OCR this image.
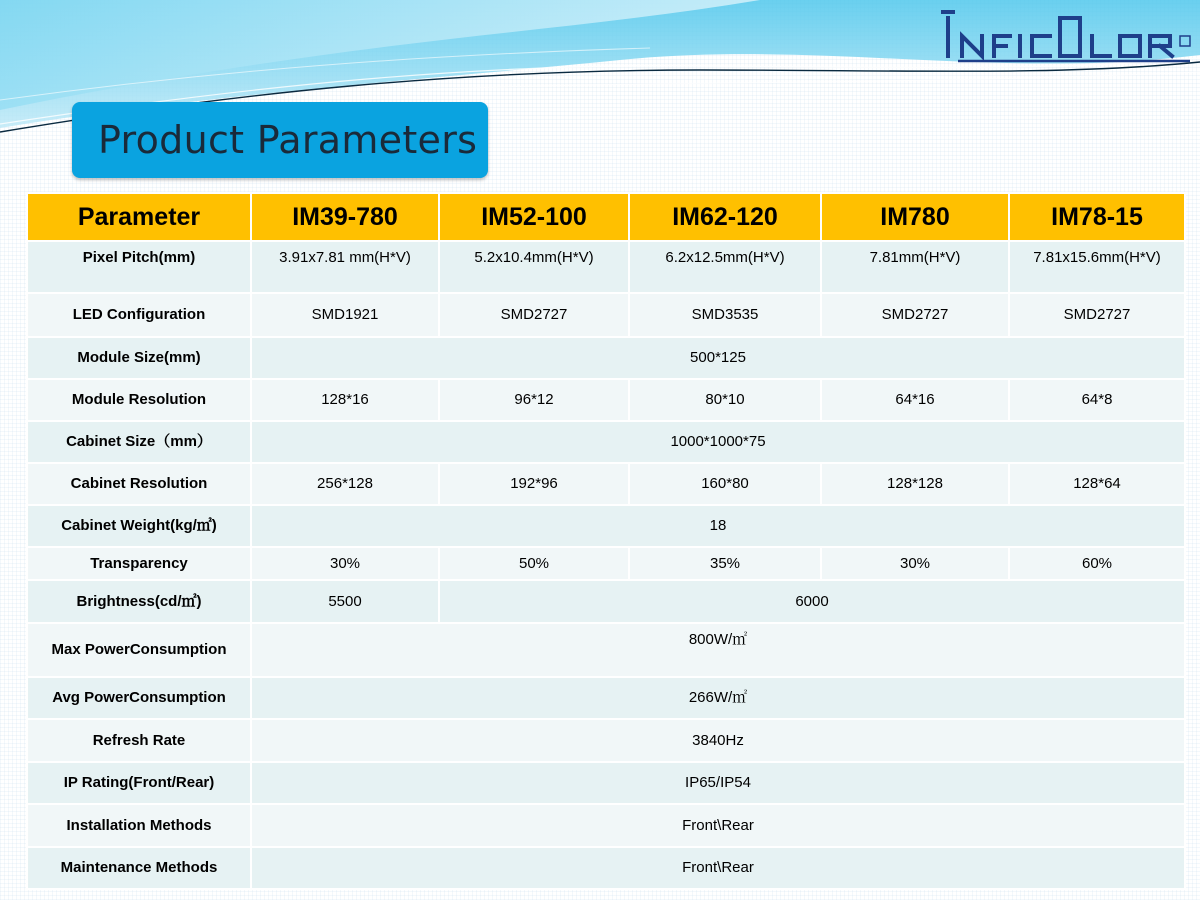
Product Parameters
Parameter	IM39-780	IM52-100	IM62-120	IM780	IM78-15
Pixel Pitch(mm)	3.91x7.81 mm(H*V)	5.2x10.4mm(H*V)	6.2x12.5mm(H*V)	7.81mm(H*V)	7.81x15.6mm(H*V)
LED Configuration	SMD1921	SMD2727	SMD3535	SMD2727	SMD2727
Module Size(mm)	500*125				
Module Resolution	128*16	96*12	80*10	64*16	64*8
Cabinet Size（mm）	1000*1000*75				
Cabinet Resolution	256*128	192*96	160*80	128*128	128*64
Cabinet Weight(kg/㎡)	18				
Transparency	30%	50%	35%	30%	60%
Brightness(cd/㎡)	5500	6000			
Max PowerConsumption	800W/㎡				
Avg PowerConsumption	266W/㎡				
Refresh Rate	3840Hz				
IP Rating(Front/Rear)	IP65/IP54				
Installation Methods	Front\Rear				
Maintenance Methods	Front\Rear				
